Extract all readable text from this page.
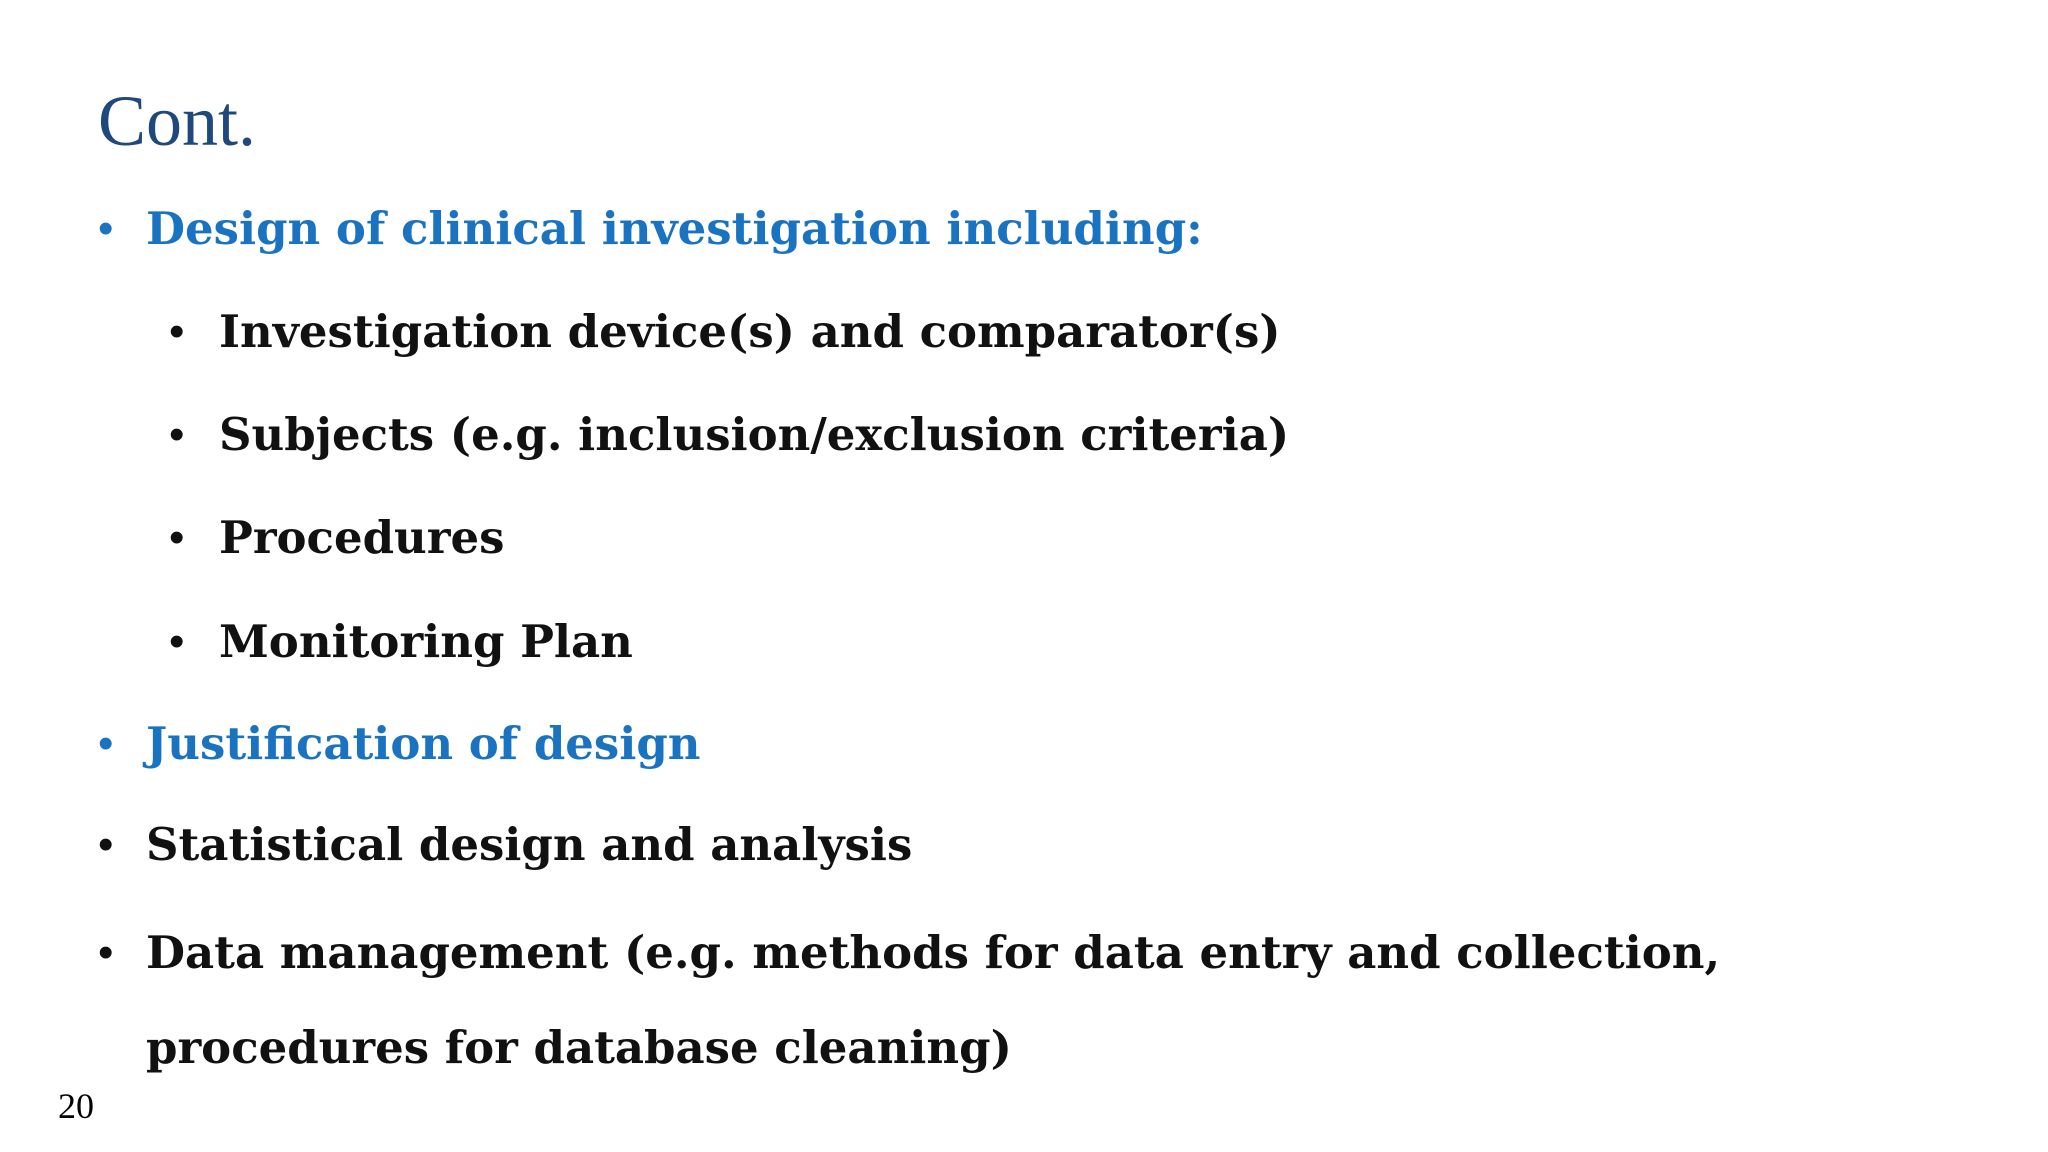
Cont.
• Design of clinical investigation including:
• Investigation device(s) and comparator(s)
• Subjects (e.g. inclusion/exclusion criteria)
• Procedures
• Monitoring Plan
• Justification of design
• Statistical design and analysis
• Data management (e.g. methods for data entry and collection, procedures for database cleaning)
20
